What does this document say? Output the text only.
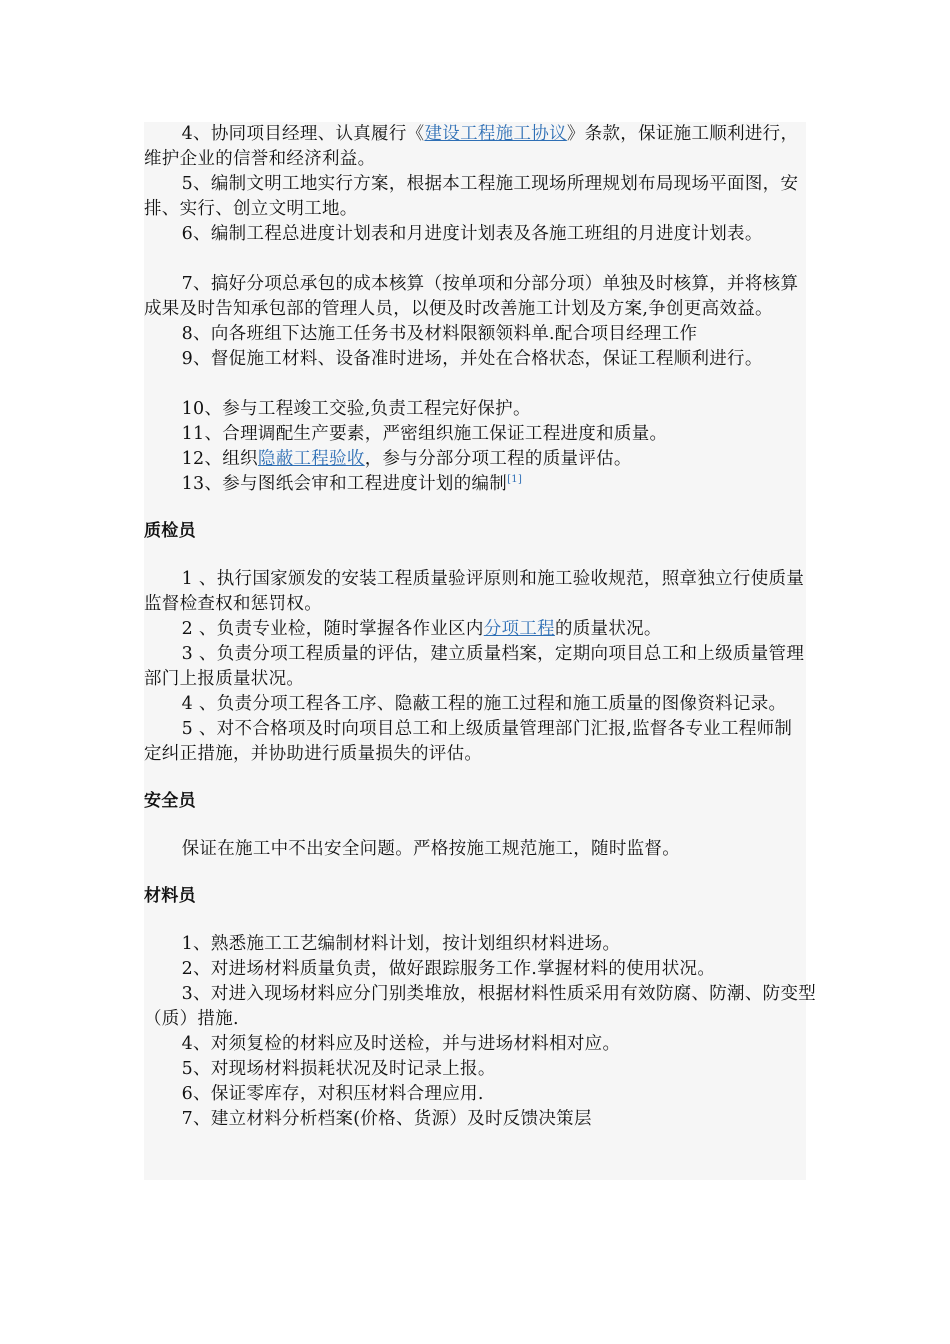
4、协同项目经理、认真履行《建设工程施工协议》条款，保证施工顺利进行，维护企业的信誉和经济利益。

5、编制文明工地实行方案，根据本工程施工现场所理规划布局现场平面图，安排、实行、创立文明工地。

6、编制工程总进度计划表和月进度计划表及各施工班组的月进度计划表。

7、搞好分项总承包的成本核算（按单项和分部分项）单独及时核算，并将核算成果及时告知承包部的管理人员，以便及时改善施工计划及方案,争创更高效益。

8、向各班组下达施工任务书及材料限额领料单.配合项目经理工作

9、督促施工材料、设备准时进场，并处在合格状态，保证工程顺利进行。

10、参与工程竣工交验,负责工程完好保护。

11、合理调配生产要素，严密组织施工保证工程进度和质量。

12、组织隐蔽工程验收，参与分部分项工程的质量评估。

13、参与图纸会审和工程进度计划的编制[1]

质检员

1 、执行国家颁发的安装工程质量验评原则和施工验收规范，照章独立行使质量监督检查权和惩罚权。

2 、负责专业检，随时掌握各作业区内分项工程的质量状况。

3 、负责分项工程质量的评估，建立质量档案，定期向项目总工和上级质量管理部门上报质量状况。

4 、负责分项工程各工序、隐蔽工程的施工过程和施工质量的图像资料记录。

5 、对不合格项及时向项目总工和上级质量管理部门汇报,监督各专业工程师制定纠正措施，并协助进行质量损失的评估。

安全员

保证在施工中不出安全问题。严格按施工规范施工，随时监督。

材料员

1、熟悉施工工艺编制材料计划，按计划组织材料进场。

2、对进场材料质量负责，做好跟踪服务工作.掌握材料的使用状况。

3、对进入现场材料应分门别类堆放，根据材料性质采用有效防腐、防潮、防变型（质）措施.

4、对须复检的材料应及时送检，并与进场材料相对应。

5、对现场材料损耗状况及时记录上报。

6、保证零库存，对积压材料合理应用.

7、建立材料分析档案(价格、货源）及时反馈决策层
